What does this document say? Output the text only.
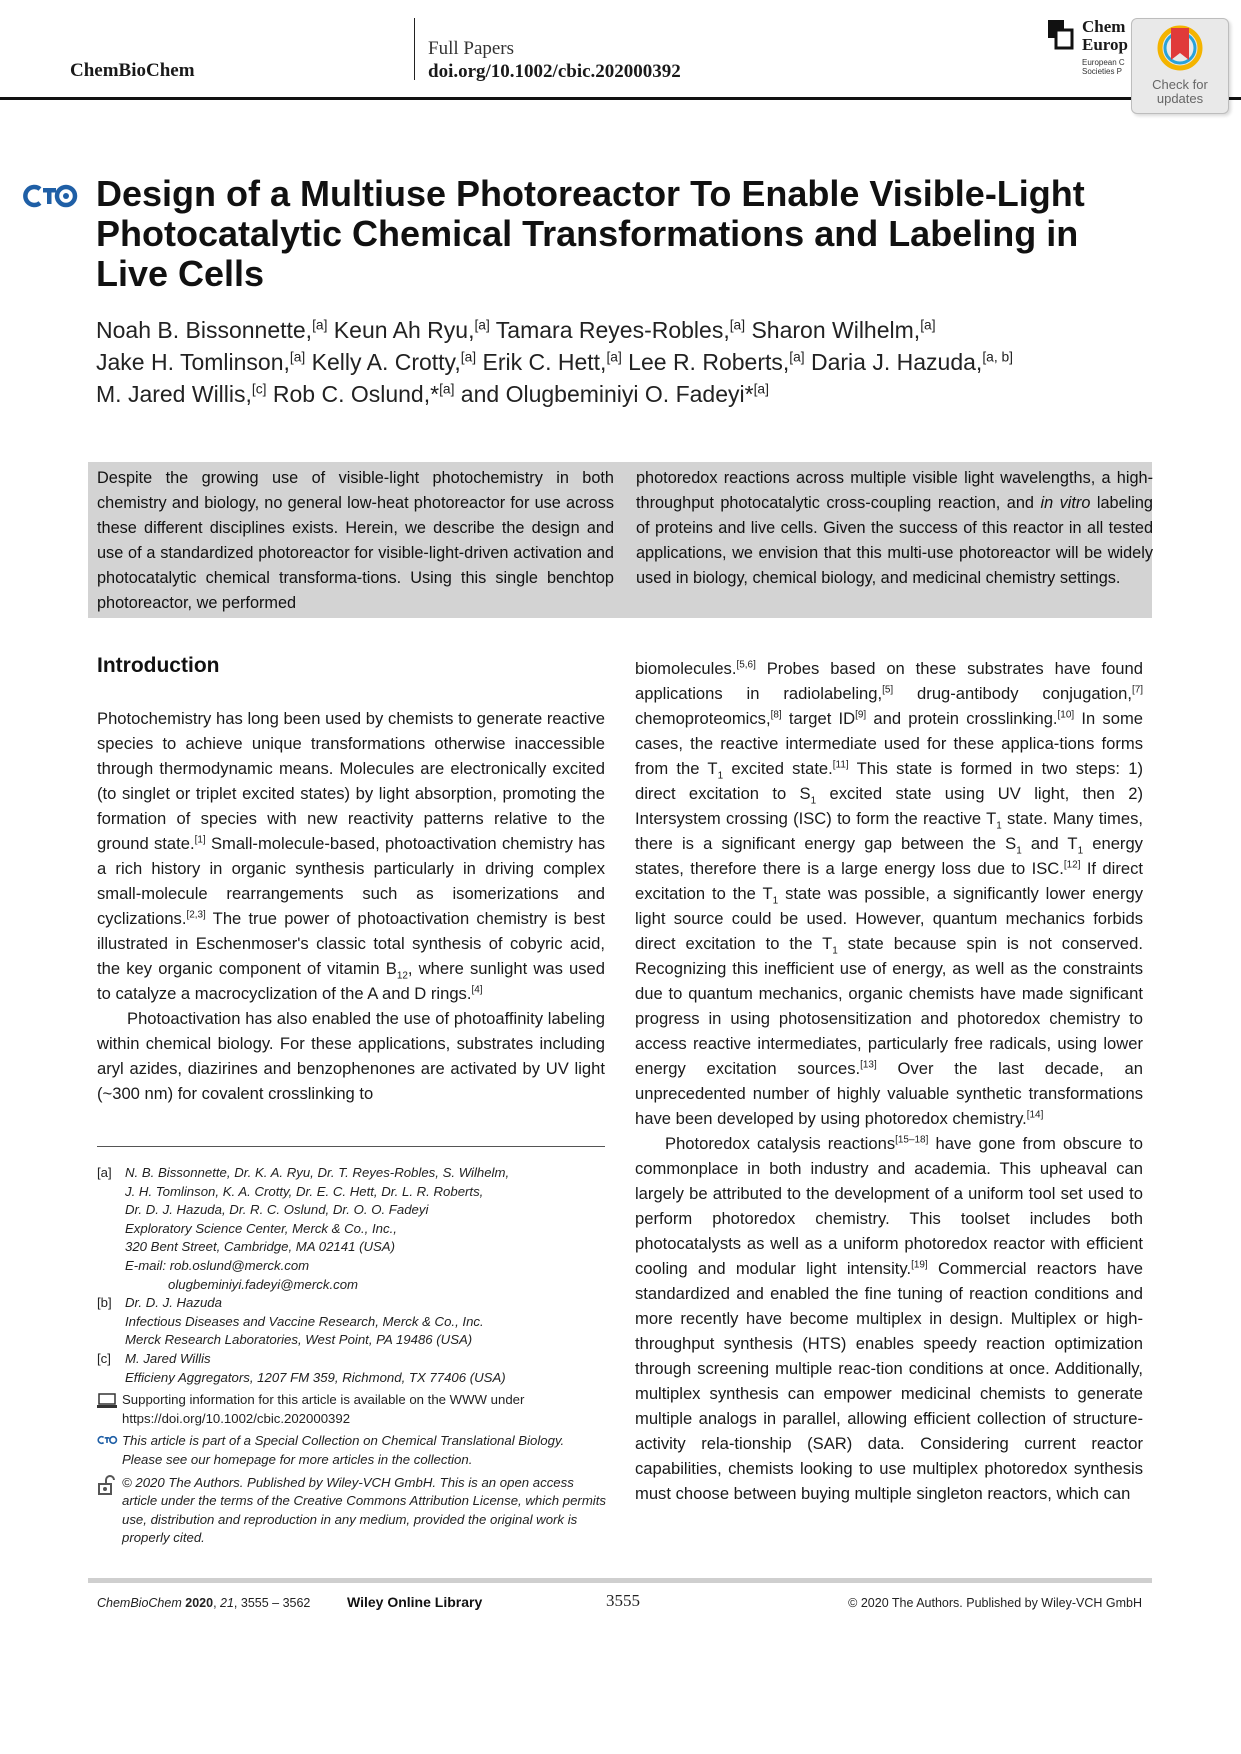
ChemBioChem
Full Papers
doi.org/10.1002/cbic.202000392
Chem
Europ
European C
Societies P
Check for
updates
Design of a Multiuse Photoreactor To Enable Visible-Light Photocatalytic Chemical Transformations and Labeling in Live Cells
Noah B. Bissonnette,[a] Keun Ah Ryu,[a] Tamara Reyes-Robles,[a] Sharon Wilhelm,[a]
Jake H. Tomlinson,[a] Kelly A. Crotty,[a] Erik C. Hett,[a] Lee R. Roberts,[a] Daria J. Hazuda,[a, b]
M. Jared Willis,[c] Rob C. Oslund,*[a] and Olugbeminiyi O. Fadeyi*[a]
Despite the growing use of visible-light photochemistry in both chemistry and biology, no general low-heat photoreactor for use across these different disciplines exists. Herein, we describe the design and use of a standardized photoreactor for visible-light-driven activation and photocatalytic chemical transforma-tions. Using this single benchtop photoreactor, we performed
photoredox reactions across multiple visible light wavelengths, a high-throughput photocatalytic cross-coupling reaction, and in vitro labeling of proteins and live cells. Given the success of this reactor in all tested applications, we envision that this multi-use photoreactor will be widely used in biology, chemical biology, and medicinal chemistry settings.
Introduction

Photochemistry has long been used by chemists to generate reactive species to achieve unique transformations otherwise inaccessible through thermodynamic means. Molecules are electronically excited (to singlet or triplet excited states) by light absorption, promoting the formation of species with new reactivity patterns relative to the ground state.[1] Small-molecule-based, photoactivation chemistry has a rich history in organic synthesis particularly in driving complex small-molecule rearrangements such as isomerizations and cyclizations.[2,3] The true power of photoactivation chemistry is best illustrated in Eschenmoser's classic total synthesis of cobyric acid, the key organic component of vitamin $B_{12}$, where sunlight was used to catalyze a macrocyclization of the A and D rings.[4]

Photoactivation has also enabled the use of photoaffinity labeling within chemical biology. For these applications, substrates including aryl azides, diazirines and benzophenones are activated by UV light (~300 nm) for covalent crosslinking to

biomolecules.[5,6] Probes based on these substrates have found applications in radiolabeling,[5] drug-antibody conjugation,[7] chemoproteomics,[8] target ID[9] and protein crosslinking.[10] In some cases, the reactive intermediate used for these applica-tions forms from the $T_1$ excited state.[11] This state is formed in two steps: 1) direct excitation to $S_1$ excited state using UV light, then 2) Intersystem crossing (ISC) to form the reactive $T_1$ state. Many times, there is a significant energy gap between the $S_1$ and $T_1$ energy states, therefore there is a large energy loss due to ISC.[12] If direct excitation to the $T_1$ state was possible, a significantly lower energy light source could be used. However, quantum mechanics forbids direct excitation to the $T_1$ state because spin is not conserved. Recognizing this inefficient use of energy, as well as the constraints due to quantum mechanics, organic chemists have made significant progress in using photosensitization and photoredox chemistry to access reactive intermediates, particularly free radicals, using lower energy excitation sources.[13] Over the last decade, an unprecedented number of highly valuable synthetic transformations have been developed by using photoredox chemistry.[14]

Photoredox catalysis reactions[15–18] have gone from obscure to commonplace in both industry and academia. This upheaval can largely be attributed to the development of a uniform tool set used to perform photoredox chemistry. This toolset includes both photocatalysts as well as a uniform photoredox reactor with efficient cooling and modular light intensity.[19] Commercial reactors have standardized and enabled the fine tuning of reaction conditions and more recently have become multiplex in design. Multiplex or high-throughput synthesis (HTS) enables speedy reaction optimization through screening multiple reac-tion conditions at once. Additionally, multiplex synthesis can empower medicinal chemists to generate multiple analogs in parallel, allowing efficient collection of structure-activity rela-tionship (SAR) data. Considering current reactor capabilities, chemists looking to use multiplex photoredox synthesis must choose between buying multiple singleton reactors, which can

[a] N. B. Bissonnette, Dr. K. A. Ryu, Dr. T. Reyes-Robles, S. Wilhelm,
J. H. Tomlinson, K. A. Crotty, Dr. E. C. Hett, Dr. L. R. Roberts,
Dr. D. J. Hazuda, Dr. R. C. Oslund, Dr. O. O. Fadeyi
Exploratory Science Center, Merck & Co., Inc.,
320 Bent Street, Cambridge, MA 02141 (USA)
E-mail: rob.oslund@merck.com
olugbeminiyi.fadeyi@merck.com
[b] Dr. D. J. Hazuda
Infectious Diseases and Vaccine Research, Merck & Co., Inc.
Merck Research Laboratories, West Point, PA 19486 (USA)
[c] M. Jared Willis
Efficieny Aggregators, 1207 FM 359, Richmond, TX 77406 (USA)
Supporting information for this article is available on the WWW under https://doi.org/10.1002/cbic.202000392
This article is part of a Special Collection on Chemical Translational Biology. Please see our homepage for more articles in the collection.
© 2020 The Authors. Published by Wiley-VCH GmbH. This is an open access article under the terms of the Creative Commons Attribution License, which permits use, distribution and reproduction in any medium, provided the original work is properly cited.
ChemBioChem 2020, 21, 3555 – 3562	Wiley Online Library	3555	© 2020 The Authors. Published by Wiley-VCH GmbH
